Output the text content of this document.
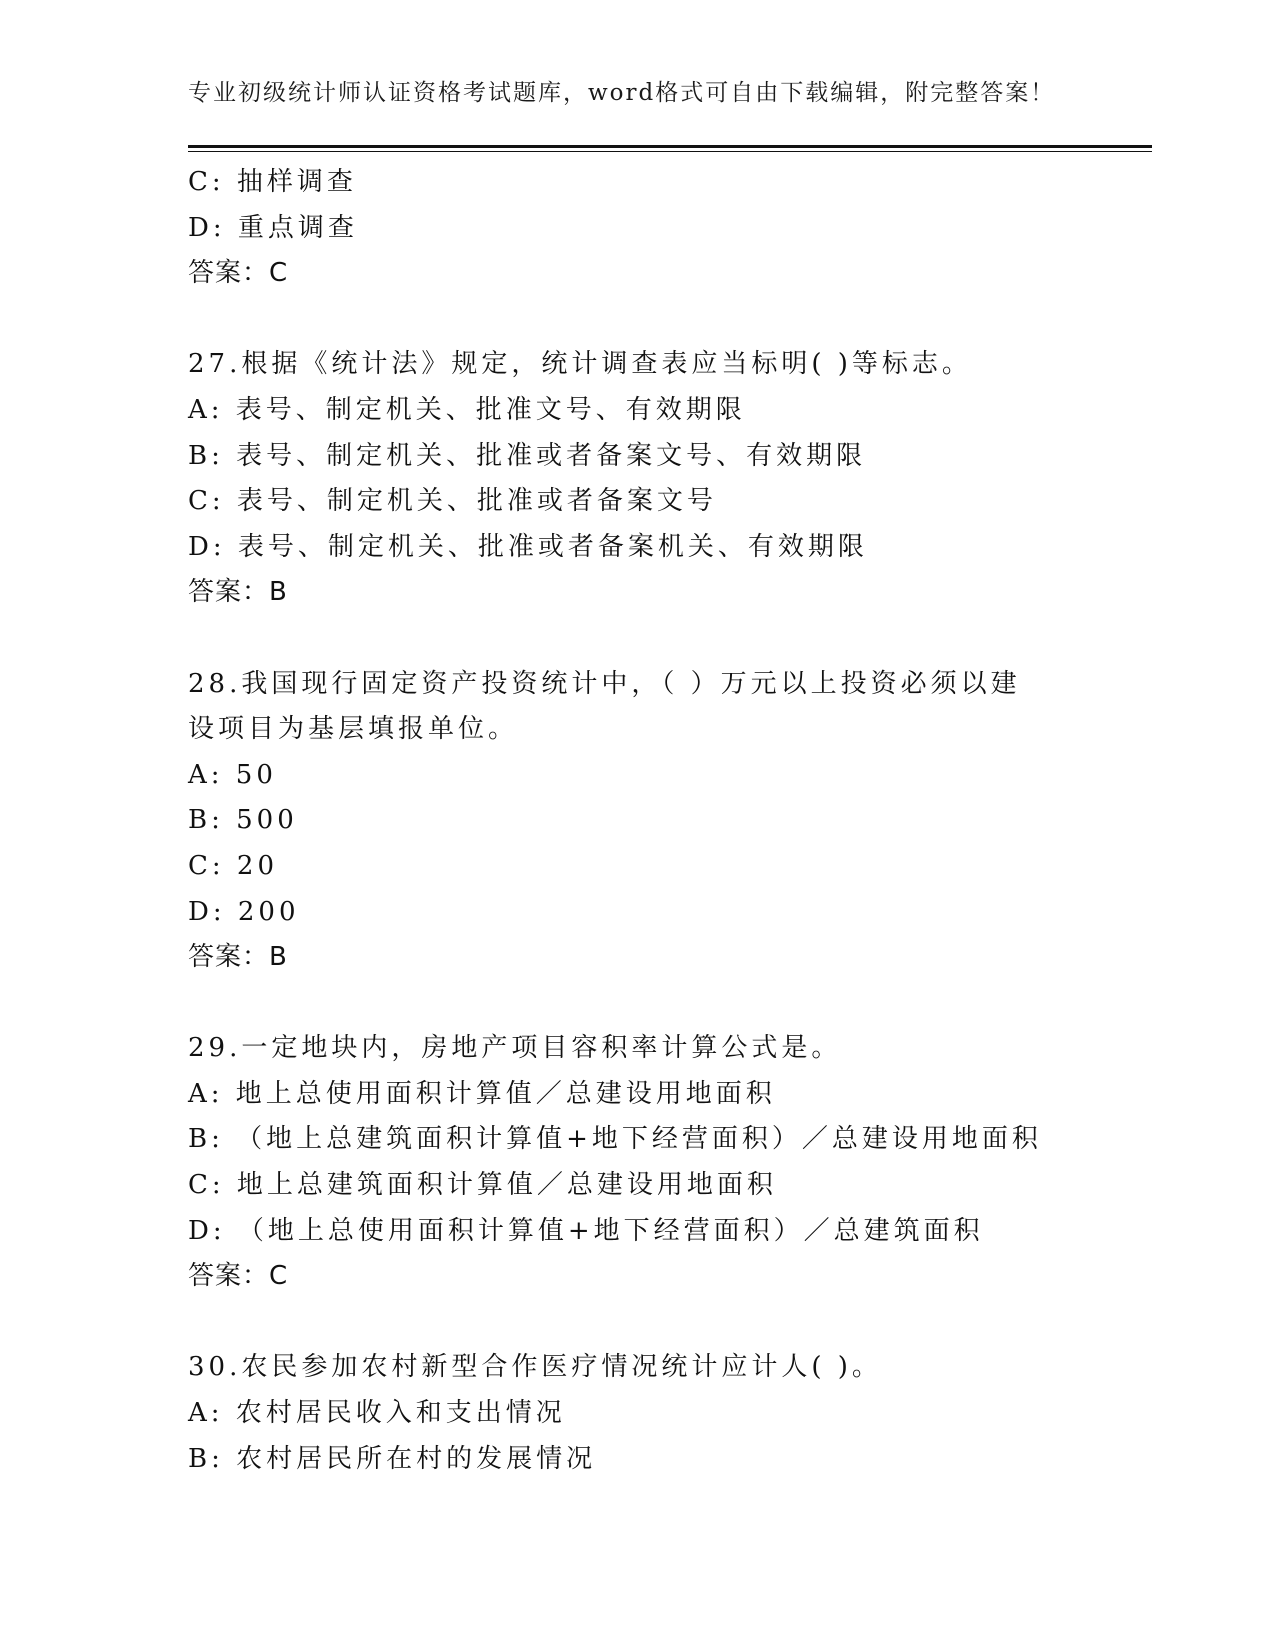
专业初级统计师认证资格考试题库，word格式可自由下载编辑，附完整答案！
C: 抽样调查
D: 重点调查
答案：C
27.根据《统计法》规定，统计调查表应当标明( )等标志。
A: 表号、制定机关、批准文号、有效期限
B: 表号、制定机关、批准或者备案文号、有效期限
C: 表号、制定机关、批准或者备案文号
D: 表号、制定机关、批准或者备案机关、有效期限
答案：B
28.我国现行固定资产投资统计中，（ ）万元以上投资必须以建
设项目为基层填报单位。
A: 50
B: 500
C: 20
D: 200
答案：B
29.一定地块内，房地产项目容积率计算公式是。
A: 地上总使用面积计算值／总建设用地面积
B: （地上总建筑面积计算值+地下经营面积）／总建设用地面积
C: 地上总建筑面积计算值／总建设用地面积
D: （地上总使用面积计算值+地下经营面积）／总建筑面积
答案：C
30.农民参加农村新型合作医疗情况统计应计人( )。
A: 农村居民收入和支出情况
B: 农村居民所在村的发展情况
